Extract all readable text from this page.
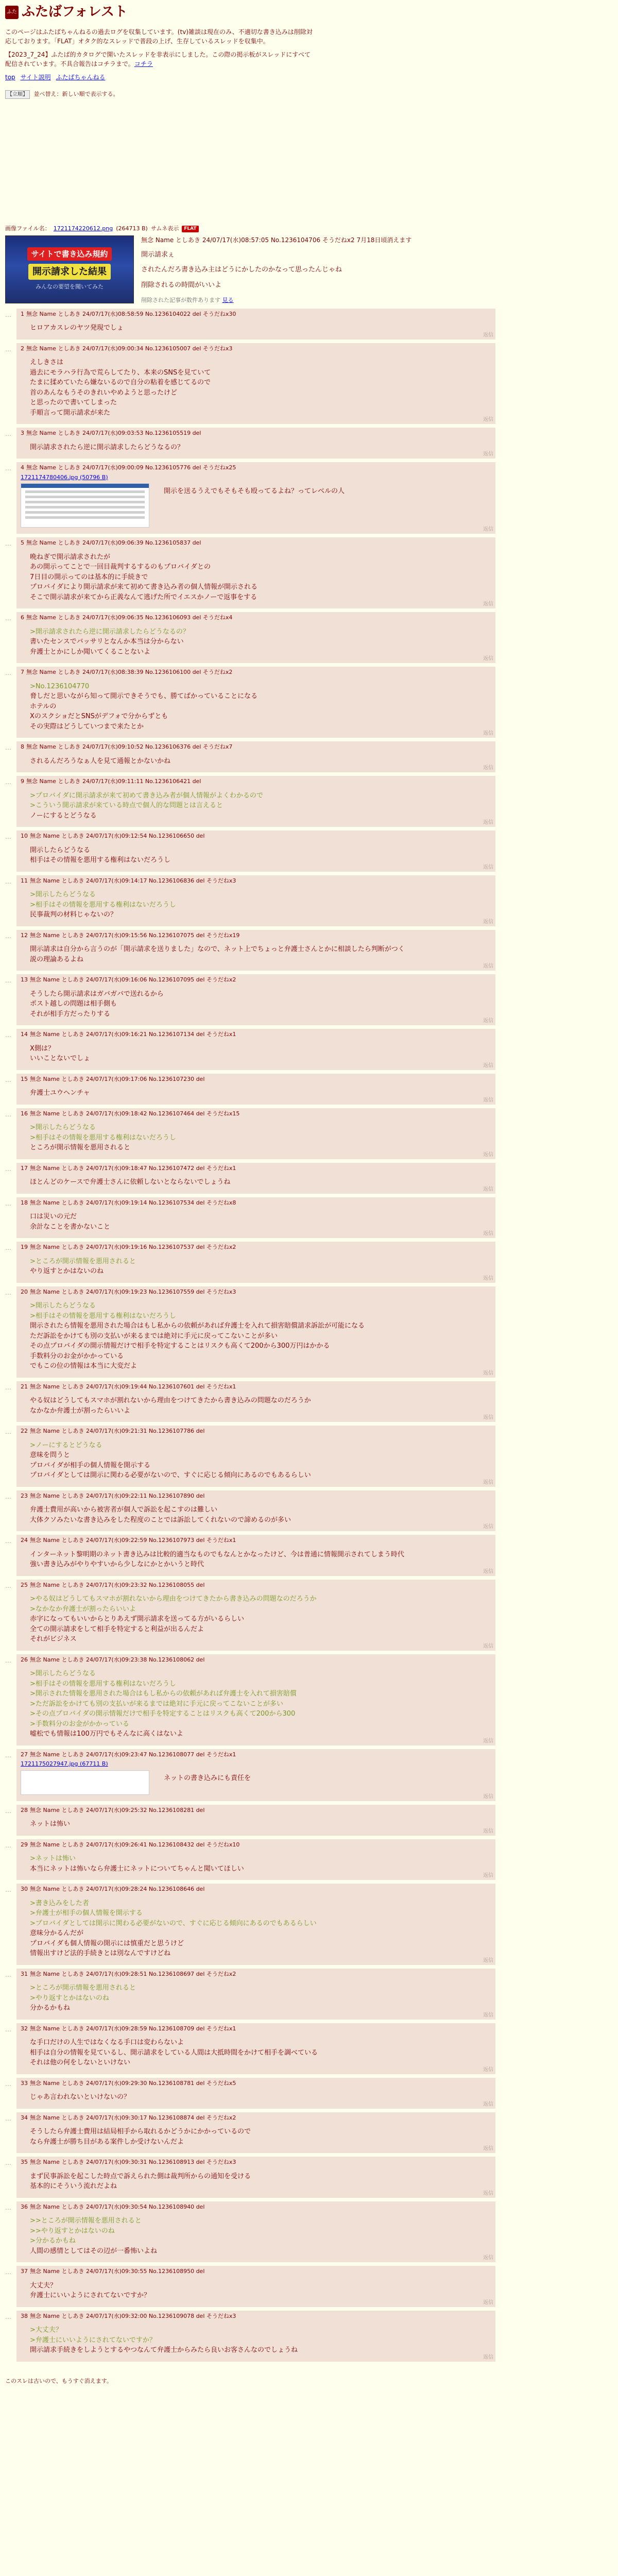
ふた ふたばフォレスト

このページはふたばちゃんねるの過去ログを収集しています。(tv)雑談は現在のみ、不適切な書き込みは削除対応しております。「FLAT」オタク的なスレッドで普段の上げ、生存しているスレッドを収集中。

【2023_7_24】ふたば的カタログで開いたスレッドを非表示にしました。この際の掲示板がスレッドにすべて配信されています。不具合報告はコチラまで。コチラ

top サイト説明 ふたばちゃんねる
【立順】 並べ替え：新しい順で表示する。
画像ファイル名： 1721174220612.png (264713 B) サムネ表示	FLAT
サイトで書き込み規約
開示請求した結果
みんなの要望を聞いてみた
無念 Name としあき 24/07/17(水)08:57:05 No.1236104706 そうだねx2 7月18日頃消えます

開示請求ぇ

されたんだろ書き込み主はどうにかしたのかなって思ったんじゃね

削除されるの時間がいいよ

削除された記事が数件あります 見る
…	1 無念 Name としあき 24/07/17(水)08:58:59 No.1236104022 del そうだねx30
ヒロアカスレのヤツ発現でしょ
返信
…	2 無念 Name としあき 24/07/17(水)09:00:34 No.1236105007 del そうだねx3
えしきさは
過去にモラハラ行為で荒らしてたり、本来のSNSを見ていて
たまに揉めていたら嫌ないるので自分の粘着を感じてるので
首のあんなもうそのきれいやめようと思ったけど
と思ったので書いてしまった
手順言って開示請求が来た
返信
…	3 無念 Name としあき 24/07/17(水)09:03:53 No.1236105519 del
開示請求されたら逆に開示請求したらどうなるの？
返信
…	4 無念 Name としあき 24/07/17(水)09:00:09 No.1236105776 del そうだねx25
1721174780406.jpg (50796 B)
開示を送るうえでもそもそも殴ってるよね？ってレベルの人
返信
…	5 無念 Name としあき 24/07/17(水)09:06:39 No.1236105837 del
晩ねぎで開示請求されたが
あの開示ってことで一回目裁判するするのもプロバイダとの
7日目の開示ってのは基本的に手続きで
プロバイダにより開示請求が来て初めて書き込み者の個人情報が開示される
そこで開示請求が来てから正義なんて逃げた所でイエスかノーで返事をする
返信
…	6 無念 Name としあき 24/07/17(水)09:06:35 No.1236106093 del そうだねx4
>開示請求されたら逆に開示請求したらどうなるの？
書いたセンスでバッサリとなんか本当は分からない
弁護士とかにしか聞いてくることないよ
返信
…	7 無念 Name としあき 24/07/17(水)08:38:39 No.1236106100 del そうだねx2
>No.1236104770
脅しだと思いながら知って開示できそうでも、勝てばかっていることになる
ホテルの
XのスクショだとSNSがデフォで分からずとも
その実際はどうしていつまで来たとか
返信
…	8 無念 Name としあき 24/07/17(水)09:10:52 No.1236106376 del そうだねx7
されるんだろうなぁ人を見て通報とかないかね
返信
…	9 無念 Name としあき 24/07/17(水)09:11:11 No.1236106421 del
>プロバイダに開示請求が来て初めて書き込み者が個人情報がよくわかるので
>こういう開示請求が来ている時点で個人的な問題とは言えると
ノーにするとどうなる
返信
…	10 無念 Name としあき 24/07/17(水)09:12:54 No.1236106650 del
開示したらどうなる
相手はその情報を悪用する権利はないだろうし
返信
…	11 無念 Name としあき 24/07/17(水)09:14:17 No.1236106836 del そうだねx3
>開示したらどうなる
>相手はその情報を悪用する権利はないだろうし
民事裁判の材料じゃないの？
返信
…	12 無念 Name としあき 24/07/17(水)09:15:56 No.1236107075 del そうだねx19
開示請求は自分から言うのが「開示請求を送りました」なので、ネット上でちょっと弁護士さんとかに相談したら判断がつく
説の理論あるよね
返信
…	13 無念 Name としあき 24/07/17(水)09:16:06 No.1236107095 del そうだねx2
そうしたら開示請求はガバガバで送れるから
ポスト越しの問題は相手側も
それが相手方だったりする
返信
…	14 無念 Name としあき 24/07/17(水)09:16:21 No.1236107134 del そうだねx1
X側は？
いいことないでしょ
返信
…	15 無念 Name としあき 24/07/17(水)09:17:06 No.1236107230 del
弁護士ユウヘンチャ
返信
…	16 無念 Name としあき 24/07/17(水)09:18:42 No.1236107464 del そうだねx15
>開示したらどうなる
>相手はその情報を悪用する権利はないだろうし
ところが開示情報を悪用されると
返信
…	17 無念 Name としあき 24/07/17(水)09:18:47 No.1236107472 del そうだねx1
ほとんどのケースで弁護士さんに依頼しないとならないでしょうね
返信
…	18 無念 Name としあき 24/07/17(水)09:19:14 No.1236107534 del そうだねx8
口は災いの元だ
余計なことを書かないこと
返信
…	19 無念 Name としあき 24/07/17(水)09:19:16 No.1236107537 del そうだねx2
>ところが開示情報を悪用されると
やり返すとかはないのね
返信
…	20 無念 Name としあき 24/07/17(水)09:19:23 No.1236107559 del そうだねx3
>開示したらどうなる
>相手はその情報を悪用する権利はないだろうし
開示されたら情報を悪用された場合はもし私からの依頼があれば弁護士を入れて損害賠償請求訴訟が可能になる
ただ訴訟をかけても別の支払いが来るまでは絶対に手元に戻ってこないことが多い
その点プロバイダの開示情報だけで相手を特定することはリスクも高くて200から300万円はかかる
手数料分のお金がかかっている
でもこの位の情報は本当に大変だよ
返信
…	21 無念 Name としあき 24/07/17(水)09:19:44 No.1236107601 del そうだねx1
やる奴はどうしてもスマホが割れないから理由をつけてきたから書き込みの問題なのだろうか
なかなか弁護士が割ったらいいよ
返信
…	22 無念 Name としあき 24/07/17(水)09:21:31 No.1236107786 del
>ノーにするとどうなる
意味を問うと
プロバイダが相手の個人情報を開示する
プロバイダとしては開示に関わる必要がないので、すぐに応じる傾向にあるのでもあるらしい
返信
…	23 無念 Name としあき 24/07/17(水)09:22:11 No.1236107890 del
弁護士費用が高いから被害者が個人で訴訟を起こすのは難しい
大体クソみたいな書き込みをした程度のことでは訴訟してくれないので諦めるのが多い
返信
…	24 無念 Name としあき 24/07/17(水)09:22:59 No.1236107973 del そうだねx1
インターネット黎明期のネット書き込みは比較的適当なものでもなんとかなったけど、今は普通に情報開示されてしまう時代
強い書き込みがやりやすいから少しなにかとかいうと時代
返信
…	25 無念 Name としあき 24/07/17(水)09:23:32 No.1236108055 del
>やる奴はどうしてもスマホが割れないから理由をつけてきたから書き込みの問題なのだろうか
>なかなか弁護士が割ったらいいよ
赤字になってもいいからとりあえず開示請求を送ってる方がいるらしい
全ての開示請求をして相手を特定すると利益が出るんだよ
それがビジネス
返信
…	26 無念 Name としあき 24/07/17(水)09:23:38 No.1236108062 del
>開示したらどうなる
>相手はその情報を悪用する権利はないだろうし
>開示された情報を悪用された場合はもし私からの依頼があれば弁護士を入れて損害賠償
>ただ訴訟をかけても別の支払いが来るまでは絶対に手元に戻ってこないことが多い
>その点プロバイダの開示情報だけで相手を特定することはリスクも高くて200から300
>手数料分のお金がかかっている
嘘松でも情報は100万円でもそんなに高くはないよ
返信
…	27 無念 Name としあき 24/07/17(水)09:23:47 No.1236108077 del そうだねx1
1721175027947.jpg (67711 B)
ネットの書き込みにも責任を
返信
…	28 無念 Name としあき 24/07/17(水)09:25:32 No.1236108281 del
ネットは怖い
返信
…	29 無念 Name としあき 24/07/17(水)09:26:41 No.1236108432 del そうだねx10
>ネットは怖い
本当にネットは怖いなら弁護士にネットについてちゃんと聞いてほしい
返信
…	30 無念 Name としあき 24/07/17(水)09:28:24 No.1236108646 del
>書き込みをした者
>弁護士が相手の個人情報を開示する
>プロバイダとしては開示に関わる必要がないので、すぐに応じる傾向にあるのでもあるらしい
意味分かるんだが
プロバイダも個人情報の開示には慎重だと思うけど
情報出すけど法的手続きとは別なんですけどね
返信
…	31 無念 Name としあき 24/07/17(水)09:28:51 No.1236108697 del そうだねx2
>ところが開示情報を悪用されると
>やり返すとかはないのね
分かるかもね
返信
…	32 無念 Name としあき 24/07/17(水)09:28:59 No.1236108709 del そうだねx1
な手口だけの人生ではなくなる手口は変わらないよ
相手は自分の情報を見ているし、開示請求をしている人間は大抵時間をかけて相手を調べている
それは他の何をしないといけない
返信
…	33 無念 Name としあき 24/07/17(水)09:29:30 No.1236108781 del そうだねx5
じゃあ言われないといけないの？
返信
…	34 無念 Name としあき 24/07/17(水)09:30:17 No.1236108874 del そうだねx2
そうしたら弁護士費用は結局相手から取れるかどうかにかかっているので
なら弁護士が勝ち目がある案件しか受けないんだよ
返信
…	35 無念 Name としあき 24/07/17(水)09:30:31 No.1236108913 del そうだねx3
まず民事訴訟を起こした時点で訴えられた側は裁判所からの通知を受ける
基本的にそういう流れだよね
返信
…	36 無念 Name としあき 24/07/17(水)09:30:54 No.1236108940 del
>>ところが開示情報を悪用されると
>>やり返すとかはないのね
>分かるかもね
人間の感情としてはその辺が一番怖いよね
返信
…	37 無念 Name としあき 24/07/17(水)09:30:55 No.1236108950 del
大丈夫？
弁護士にいいようにされてないですか？
返信
…	38 無念 Name としあき 24/07/17(水)09:32:00 No.1236109078 del そうだねx3
>大丈夫？
>弁護士にいいようにされてないですか？
開示請求手続きをしようとするやつなんて弁護士からみたら良いお客さんなのでしょうね
返信
このスレは古いので、もうすぐ消えます。
